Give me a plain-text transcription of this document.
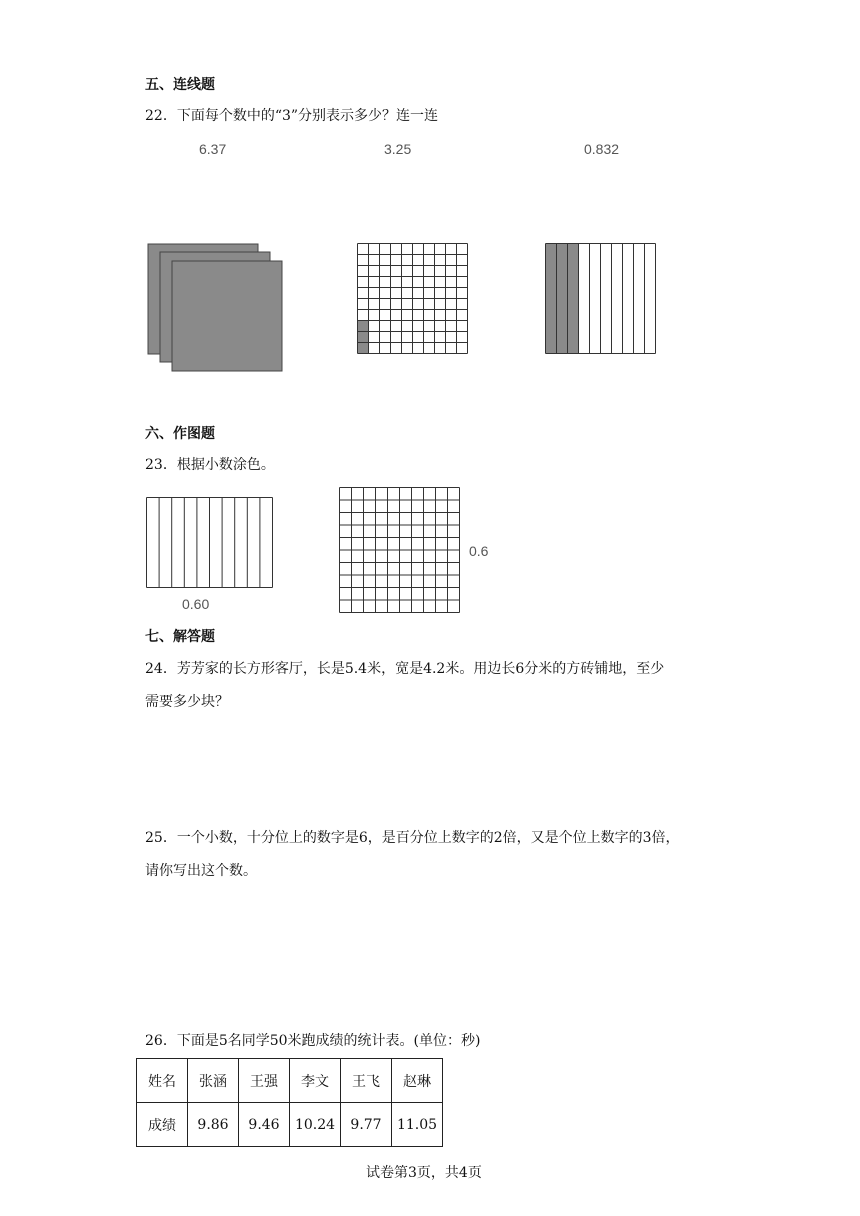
五、连线题
22．下面每个数中的“3”分别表示多少？连一连
6.37	3.25	0.832
六、作图题
23．根据小数涂色。
0.60
0.6
七、解答题
24．芳芳家的长方形客厅，长是5.4米，宽是4.2米。用边长6分米的方砖铺地，至少
需要多少块？
25．一个小数，十分位上的数字是6，是百分位上数字的2倍，又是个位上数字的3倍，
请你写出这个数。
26．下面是5名同学50米跑成绩的统计表。(单位：秒)
姓名	张涵	王强	李文	王飞	赵琳
成绩	9.86	9.46	10.24	9.77	11.05
试卷第3页，共4页
